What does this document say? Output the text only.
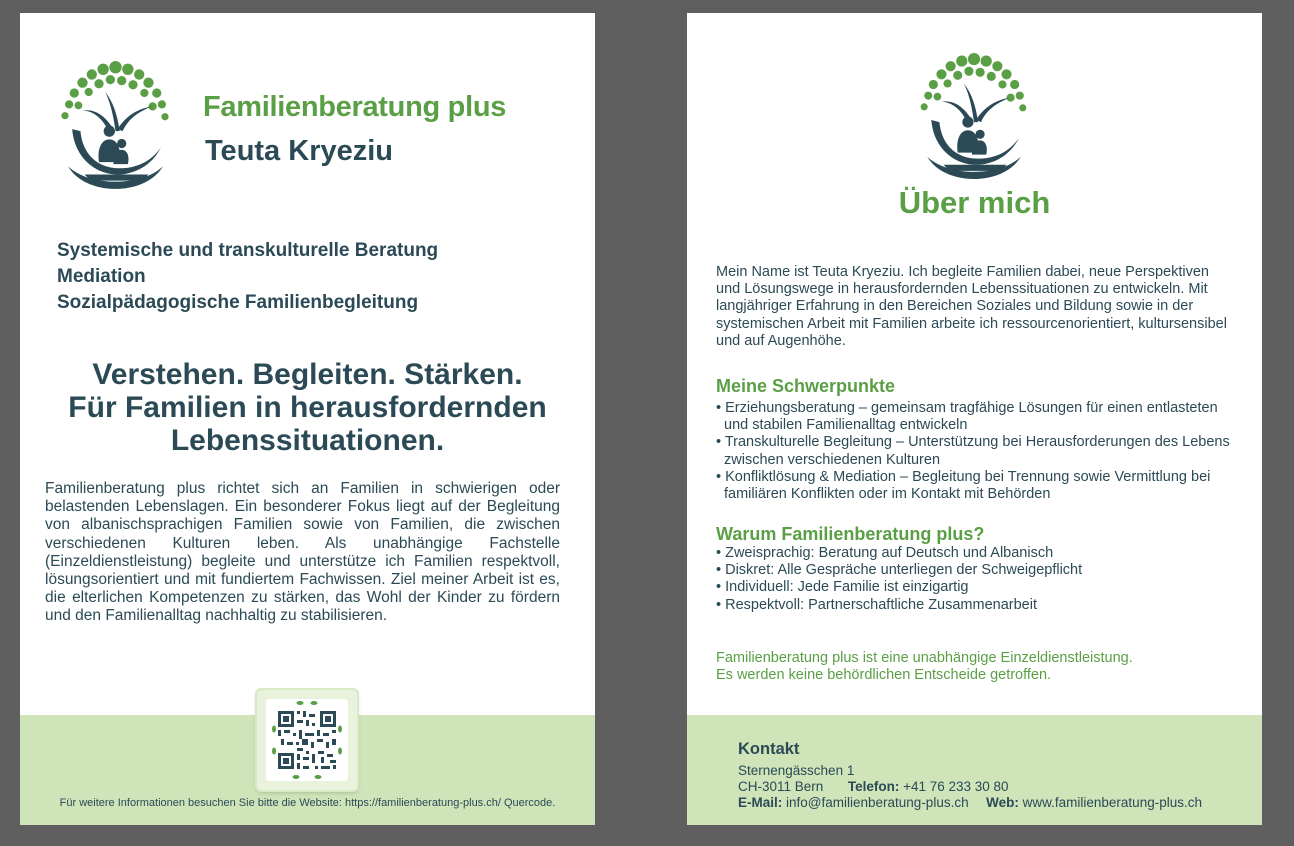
Familienberatung plus
Teuta Kryeziu
Systemische und transkulturelle Beratung
Mediation
Sozialpädagogische Familienbegleitung
Verstehen. Begleiten. Stärken.
Für Familien in herausfordernden
Lebenssituationen.

Familienberatung plus richtet sich an Familien in schwierigen oder belastenden Lebenslagen. Ein besonderer Fokus liegt auf der Begleitung von albanischsprachigen Familien sowie von Familien, die zwischen verschiedenen Kulturen leben. Als unabhängige Fachstelle (Einzeldienstleistung) begleite und unterstütze ich Familien respektvoll, lösungsorientiert und mit fundiertem Fachwissen. Ziel meiner Arbeit ist es, die elterlichen Kompetenzen zu stärken, das Wohl der Kinder zu fördern und den Familienalltag nachhaltig zu stabilisieren.

Für weitere Informationen besuchen Sie bitte die Website: https://familienberatung-plus.ch/ Quercode.
Über mich

Mein Name ist Teuta Kryeziu. Ich begleite Familien dabei, neue Perspektiven und Lösungswege in herausfordernden Lebenssituationen zu entwickeln. Mit langjähriger Erfahrung in den Bereichen Soziales und Bildung sowie in der systemischen Arbeit mit Familien arbeite ich ressourcenorientiert, kultursensibel und auf Augenhöhe.

Meine Schwerpunkte
• Erziehungsberatung – gemeinsam tragfähige Lösungen für einen entlasteten und stabilen Familienalltag entwickeln
• Transkulturelle Begleitung – Unterstützung bei Herausforderungen des Lebens zwischen verschiedenen Kulturen
• Konfliktlösung & Mediation – Begleitung bei Trennung sowie Vermittlung bei familiären Konflikten oder im Kontakt mit Behörden
Warum Familienberatung plus?
• Zweisprachig: Beratung auf Deutsch und Albanisch
• Diskret: Alle Gespräche unterliegen der Schweigepflicht
• Individuell: Jede Familie ist einzigartig
• Respektvoll: Partnerschaftliche Zusammenarbeit
Familienberatung plus ist eine unabhängige Einzeldienstleistung.
Es werden keine behördlichen Entscheide getroffen.
Kontakt
Sternengässchen 1
CH-3011 Bern Telefon: +41 76 233 30 80
E-Mail: info@familienberatung-plus.ch Web: www.familienberatung-plus.ch
